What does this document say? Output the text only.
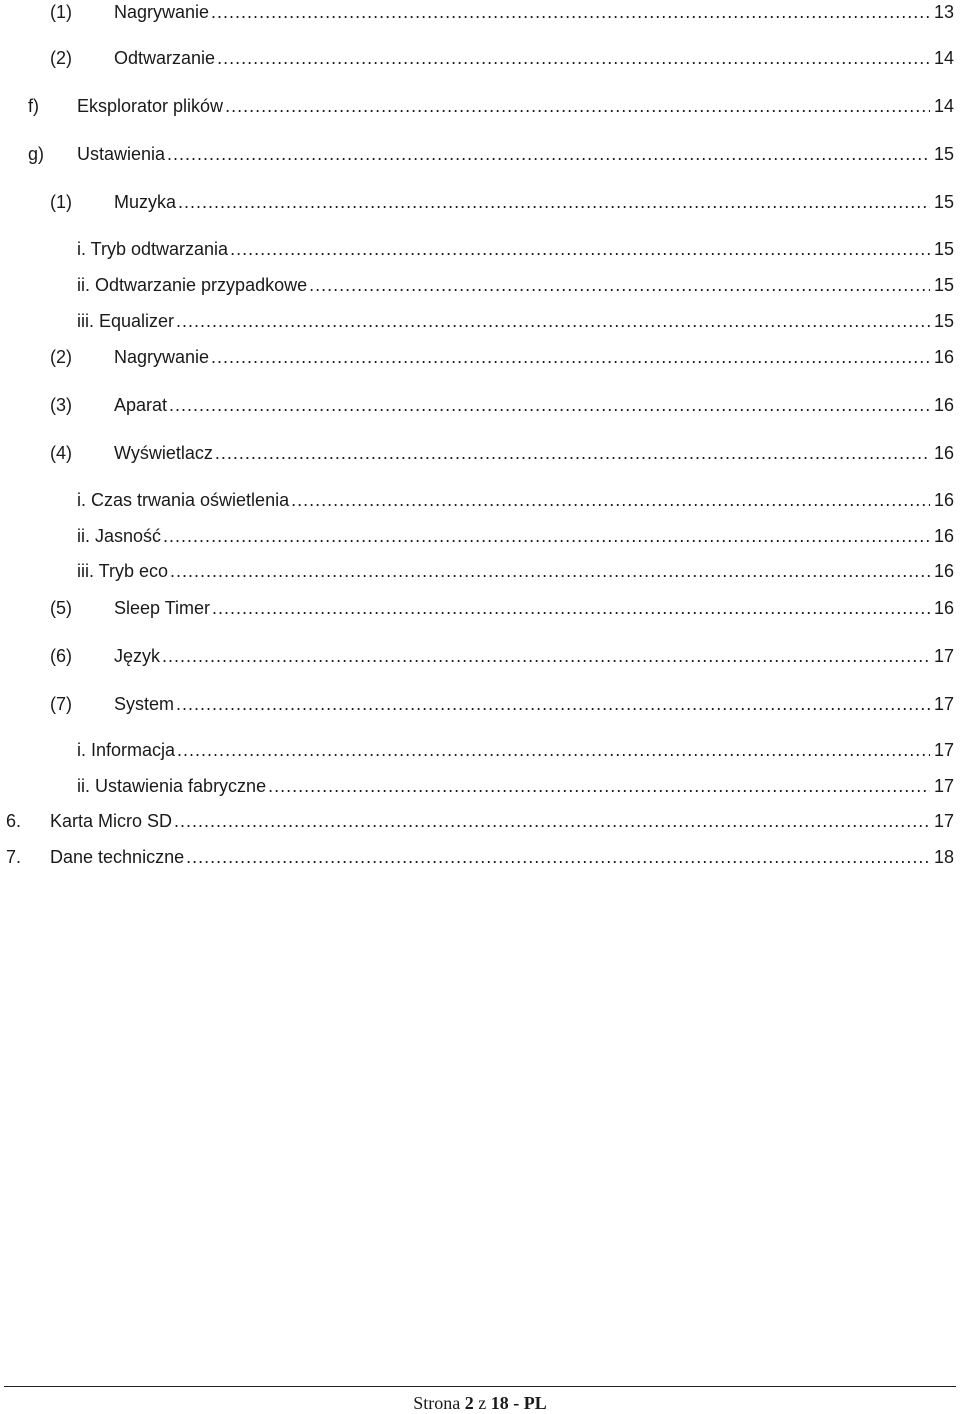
(1) Nagrywanie . . .	13
(2) Odtwarzanie . . .	14
f) Eksplorator plików . . .	14
g) Ustawienia . . .	15
(1) Muzyka . . .	15
i. Tryb odtwarzania . . .	15
ii. Odtwarzanie przypadkowe . . .	15
iii. Equalizer . . .	15
(2) Nagrywanie . . .	16
(3) Aparat . . .	16
(4) Wyświetlacz . . .	16
i. Czas trwania oświetlenia . . .	16
ii. Jasność . . .	16
iii. Tryb eco . . .	16
(5) Sleep Timer . . .	16
(6) Język . . .	17
(7) System . . .	17
i. Informacja . . .	17
ii. Ustawienia fabryczne . . .	17
6. Karta Micro SD . . .	17
7. Dane techniczne . . .	18
Strona 2 z 18 - PL
